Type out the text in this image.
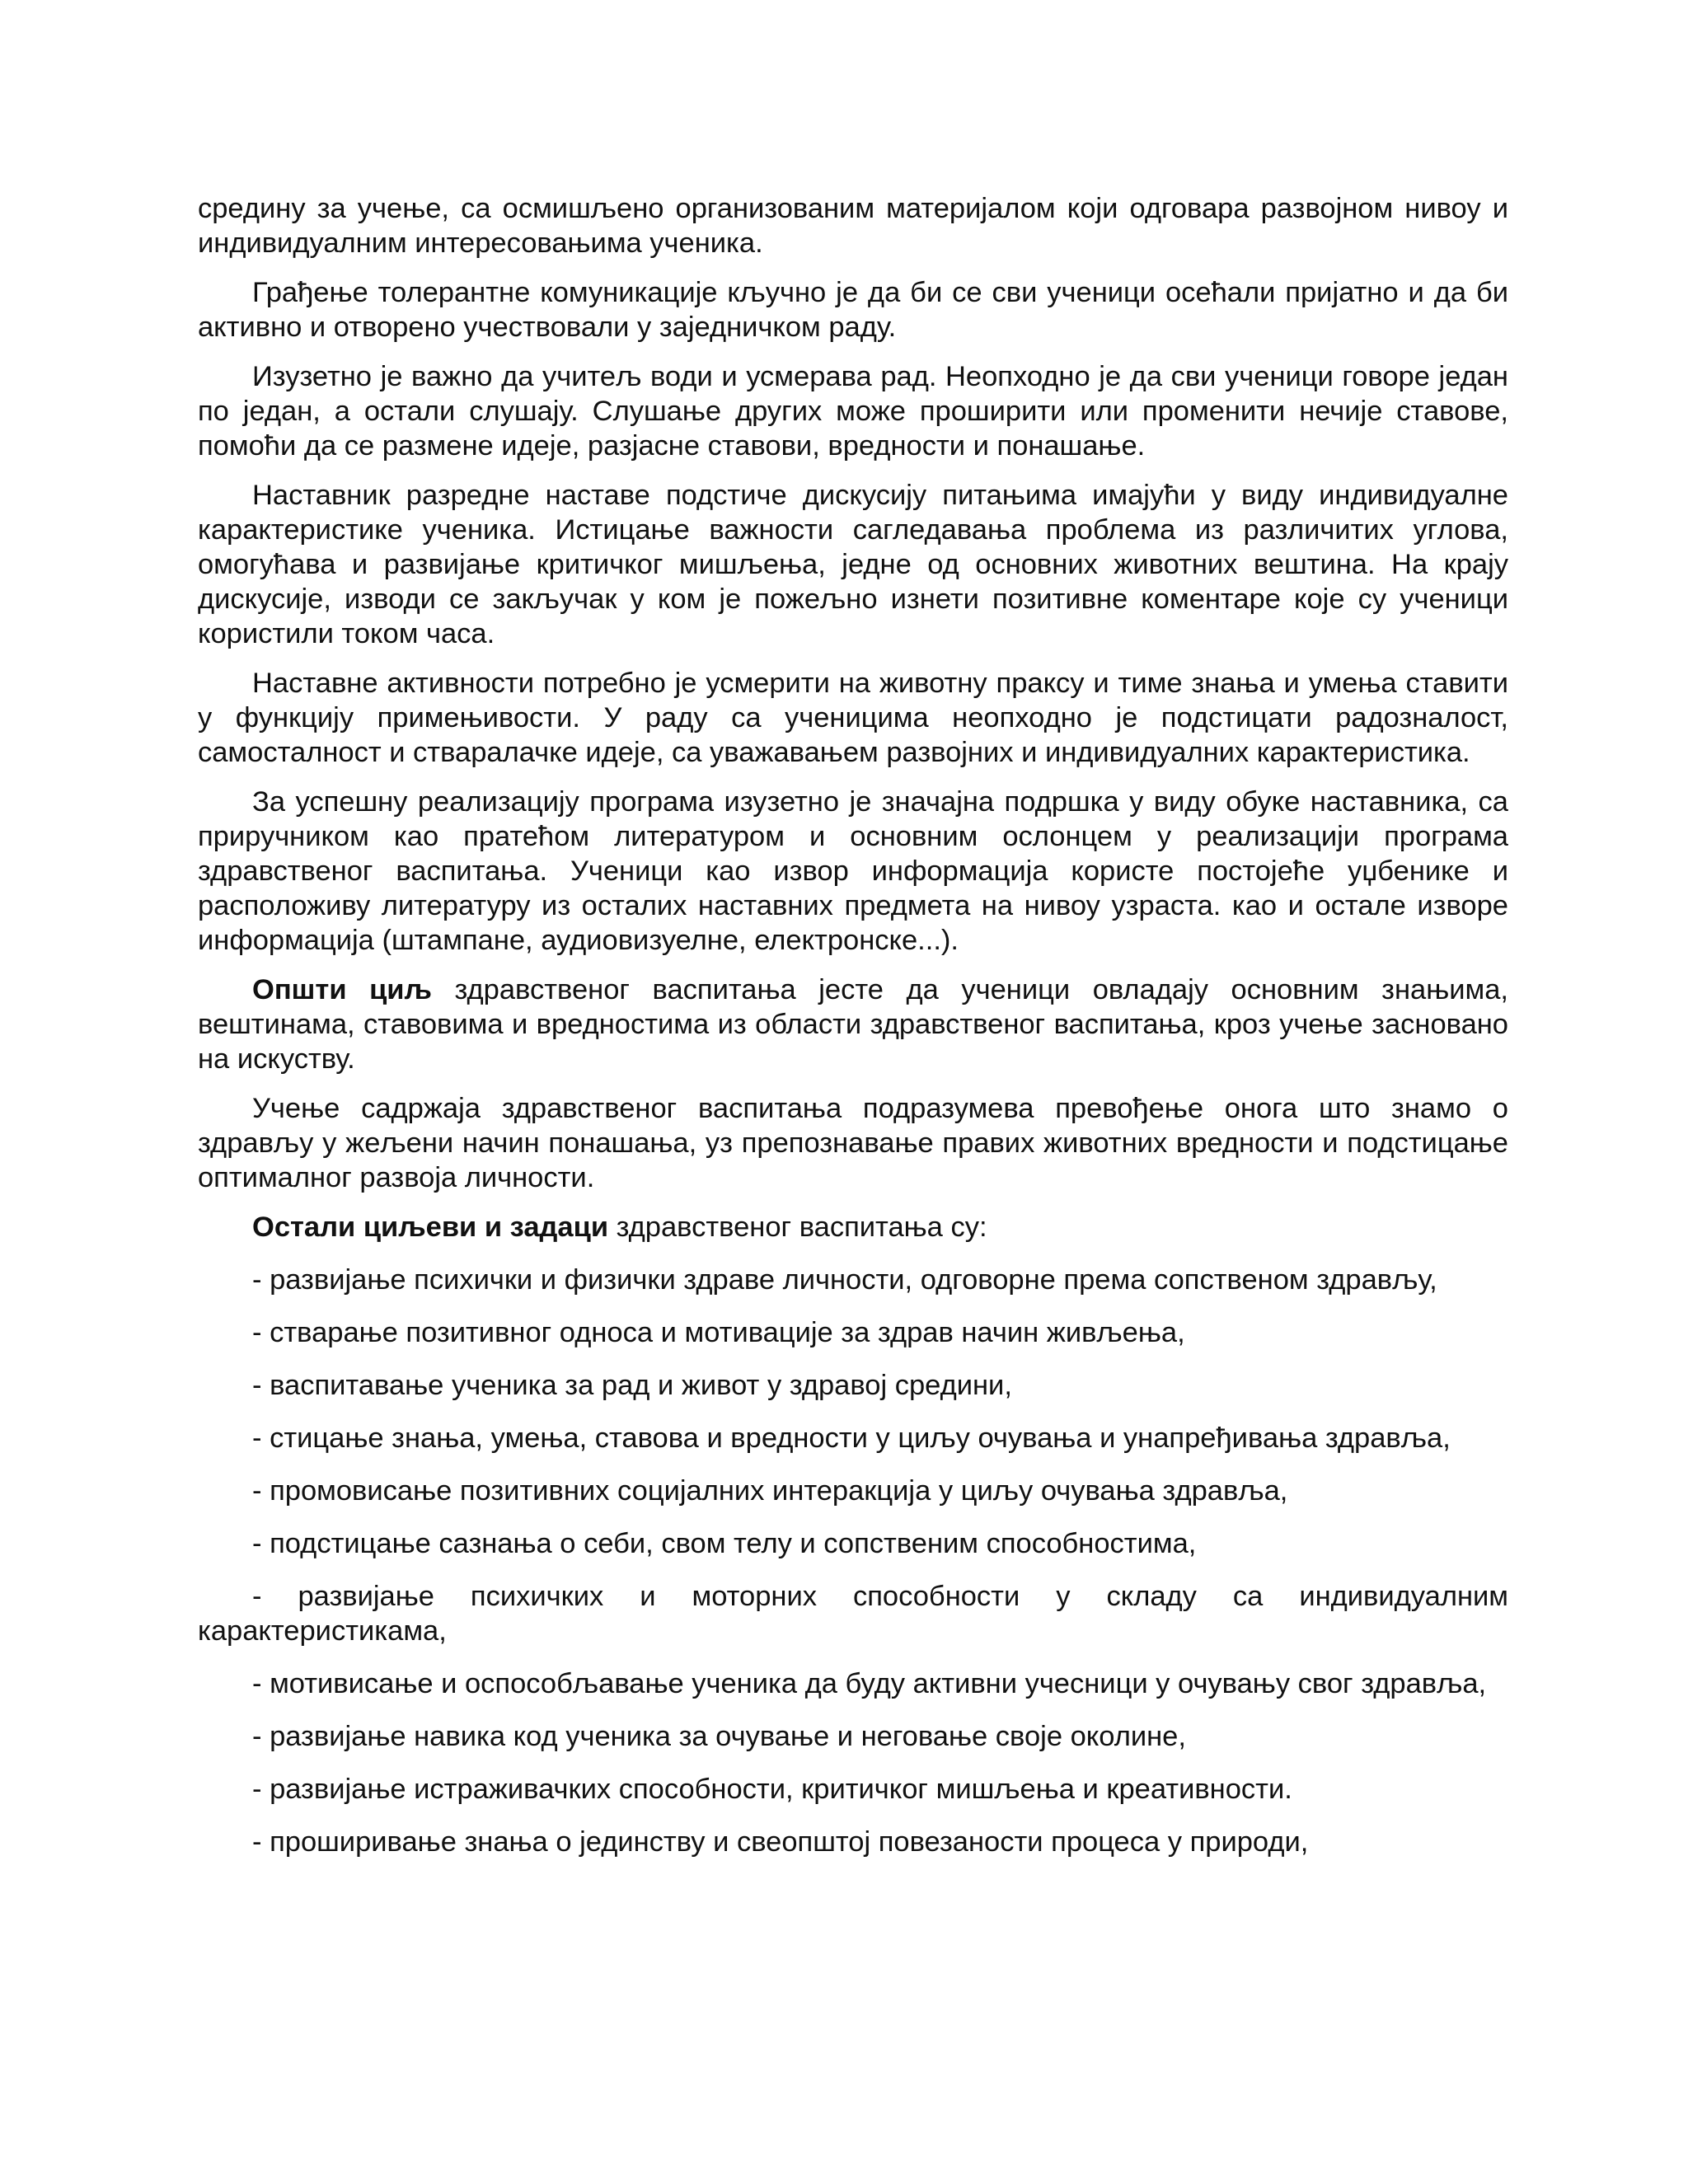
средину за учење, са осмишљено организованим материјалом који одговара развојном нивоу и индивидуалним интересовањима ученика.

Грађење толерантне комуникације кључно је да би се сви ученици осећали пријатно и да би активно и отворено учествовали у заједничком раду.

Изузетно је важно да учитељ води и усмерава рад. Неопходно је да сви ученици говоре један по један, а остали слушају. Слушање других може проширити или променити нечије ставове, помоћи да се размене идеје, разјасне ставови, вредности и понашање.

Наставник разредне наставе подстиче дискусију питањима имајући у виду индивидуалне карактеристике ученика. Истицање важности сагледавања проблема из различитих углова, омогућава и развијање критичког мишљења, једне од основних животних вештина. На крају дискусије, изводи се закључак у ком је пожељно изнети позитивне коментаре које су ученици користили током часа.

Наставне активности потребно је усмерити на животну праксу и тиме знања и умења ставити у функцију примењивости. У раду са ученицима неопходно је подстицати радозналост, самосталност и стваралачке идеје, са уважавањем развојних и индивидуалних карактеристика.

За успешну реализацију програма изузетно је значајна подршка у виду обуке наставника, са приручником као пратећом литературом и основним ослонцем у реализацији програма здравственог васпитања. Ученици као извор информација користе постојеће уџбенике и расположиву литературу из осталих наставних предмета на нивоу узраста. као и остале изворе информација (штампане, аудиовизуелне, електронске...).

Општи циљ здравственог васпитања јесте да ученици овладају основним знањима, вештинама, ставовима и вредностима из области здравственог васпитања, кроз учење засновано на искуству.

Учење садржаја здравственог васпитања подразумева превођење онога што знамо о здрављу у жељени начин понашања, уз препознавање правих животних вредности и подстицање оптималног развоја личности.

Остали циљеви и задаци здравственог васпитања су:

- развијање психички и физички здраве личности, одговорне према сопственом здрављу,

- стварање позитивног односа и мотивације за здрав начин живљења,

- васпитавање ученика за рад и живот у здравој средини,

- стицање знања, умења, ставова и вредности у циљу очувања и унапређивања здравља,

- промовисање позитивних социјалних интеракција у циљу очувања здравља,

- подстицање сазнања о себи, свом телу и сопственим способностима,

- развијање психичких и моторних способности у складу са индивидуалним карактеристикама,

- мотивисање и оспособљавање ученика да буду активни учесници у очувању свог здравља,

- развијање навика код ученика за очување и неговање своје околине,

- развијање истраживачких способности, критичког мишљења и креативности.

- проширивање знања о јединству и свеопштој повезаности процеса у природи,
